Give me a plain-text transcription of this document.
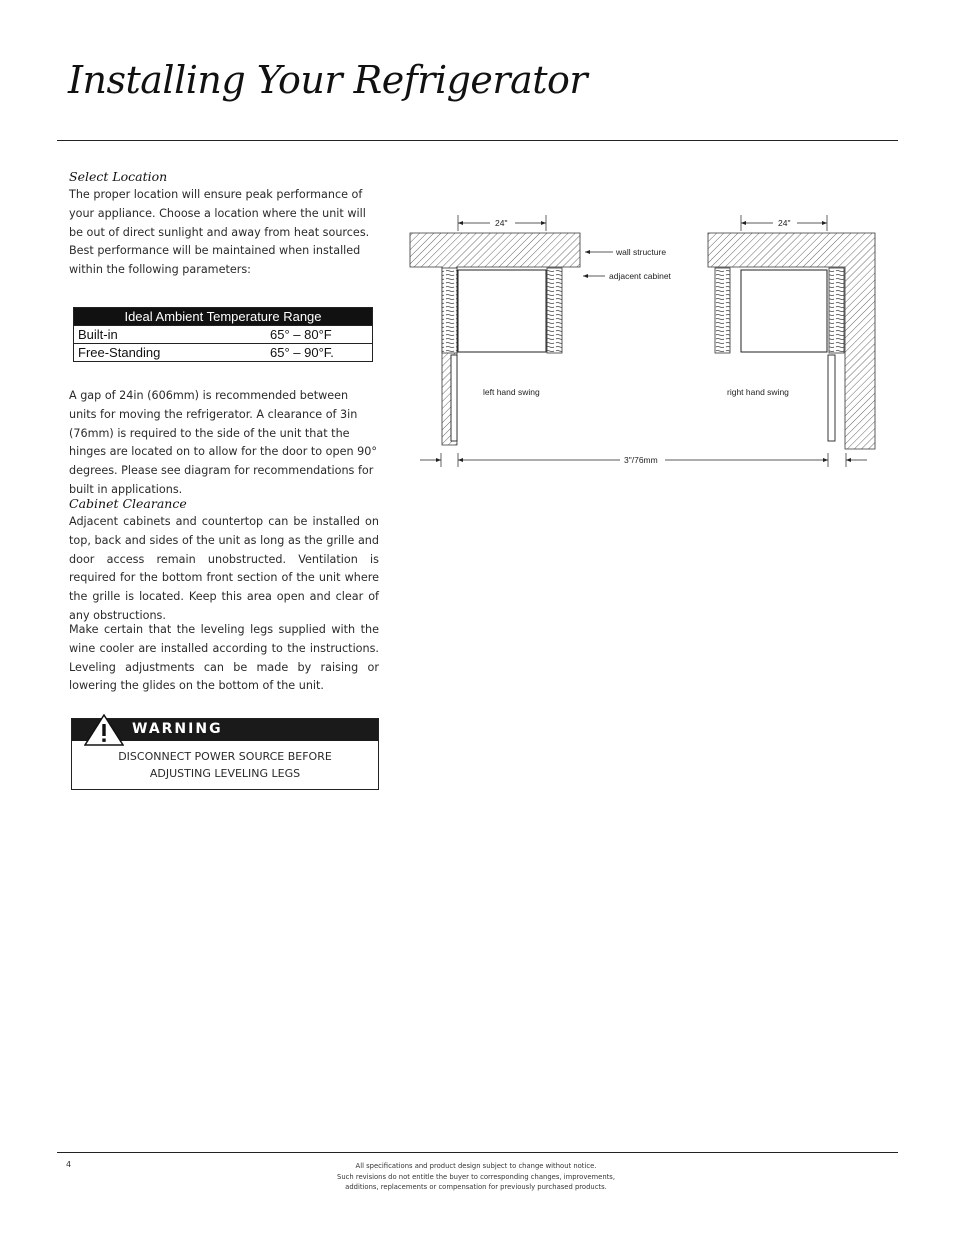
Installing Your Refrigerator
Select Location
The proper location will ensure peak performance of your appliance. Choose a location where the unit will be out of direct sunlight and away from heat sources. Best performance will be maintained when installed within the following parameters:
Ideal Ambient Temperature Range	
Built-in	65° – 80°F
Free-Standing	65° – 90°F.
A gap of 24in (606mm) is recommended between units for moving the refrigerator. A clearance of 3in (76mm) is required to the side of the unit that the hinges are located on to allow for the door to open 90° degrees. Please see diagram for recommendations for built in applications.
Cabinet Clearance
Adjacent cabinets and countertop can be installed on top, back and sides of the unit as long as the grille and door access remain unobstructed. Ventilation is required for the bottom front section of the unit where the grille is located. Keep this area open and clear of any obstructions.
Make certain that the leveling legs supplied with the wine cooler are installed according to the instructions. Leveling adjustments can be made by raising or lowering the glides on the bottom of the unit.
WARNING
DISCONNECT POWER SOURCE BEFORE
ADJUSTING LEVELING LEGS
left hand swing
24"
right hand swing
24"
wall structure
adjacent cabinet
3"/76mm
4	All specifications and product design subject to change without notice.
Such revisions do not entitle the buyer to corresponding changes, improvements,
additions, replacements or compensation for previously purchased products.
